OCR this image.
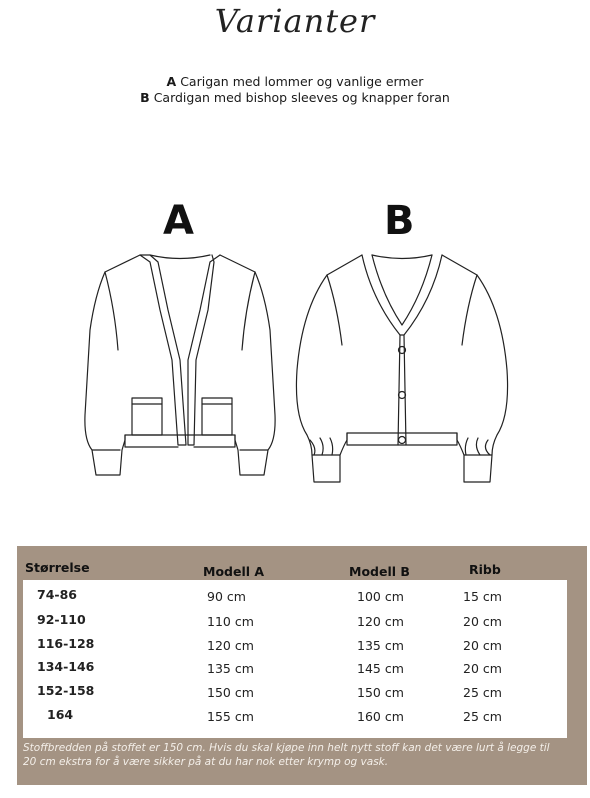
Varianter
A Carigan med lommer og vanlige ermer
B Cardigan med bishop sleeves og knapper foran
A	B
Størrelse	Modell A	Modell B	Ribb
74-86	90 cm	100 cm	15 cm
92-110	110 cm	120 cm	20 cm
116-128	120 cm	135 cm	20 cm
134-146	135 cm	145 cm	20 cm
152-158	150 cm	150 cm	25 cm
164	155 cm	160 cm	25 cm
Stoffbredden på stoffet er 150 cm. Hvis du skal kjøpe inn helt nytt stoff kan det være lurt å legge til 20 cm ekstra for å være sikker på at du har nok etter krymp og vask.
